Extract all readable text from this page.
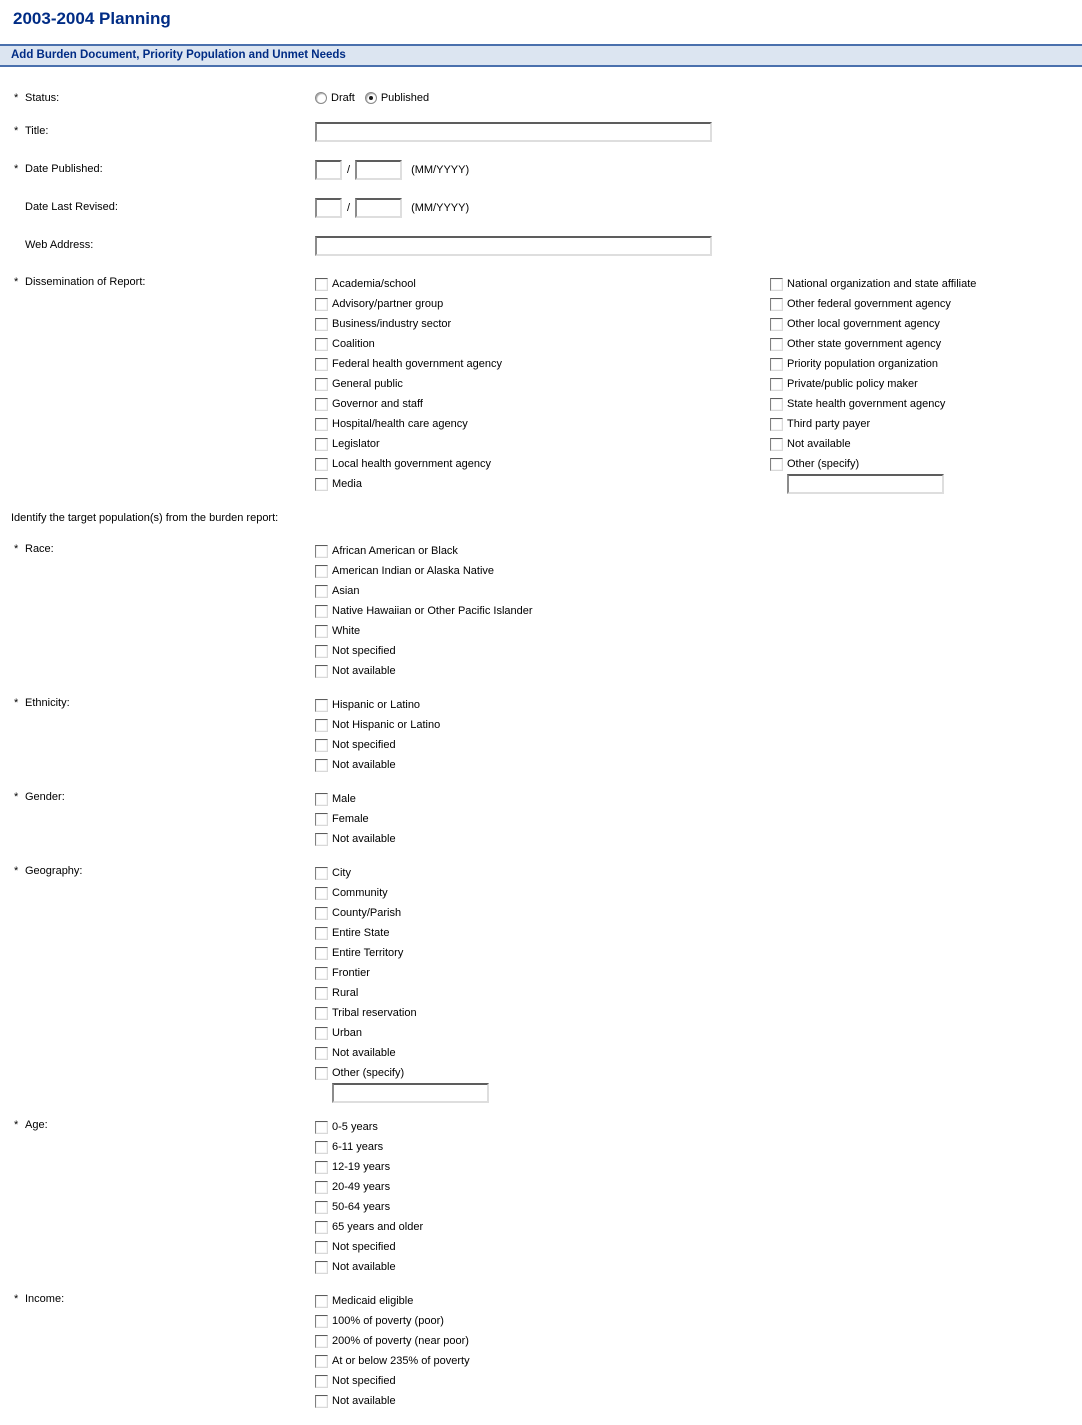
2003-2004 Planning
Add Burden Document, Priority Population and Unmet Needs
* Status:	Draft Published
* Title:
* Date Published:	/	(MM/YYYY)
Date Last Revised:	/	(MM/YYYY)
Web Address:
* Dissemination of Report:	Academia/school
Advisory/partner group
Business/industry sector
Coalition
Federal health government agency
General public
Governor and staff
Hospital/health care agency
Legislator
Local health government agency
Media
National organization and state affiliate
Other federal government agency
Other local government agency
Other state government agency
Priority population organization
Private/public policy maker
State health government agency
Third party payer
Not available
Other (specify)
Identify the target population(s) from the burden report:
* Race:	African American or Black
American Indian or Alaska Native
Asian
Native Hawaiian or Other Pacific Islander
White
Not specified
Not available
* Ethnicity:	Hispanic or Latino
Not Hispanic or Latino
Not specified
Not available
* Gender:	Male
Female
Not available
* Geography:	City
Community
County/Parish
Entire State
Entire Territory
Frontier
Rural
Tribal reservation
Urban
Not available
Other (specify)
* Age:	0-5 years
6-11 years
12-19 years
20-49 years
50-64 years
65 years and older
Not specified
Not available
* Income:	Medicaid eligible
100% of poverty (poor)
200% of poverty (near poor)
At or below 235% of poverty
Not specified
Not available
